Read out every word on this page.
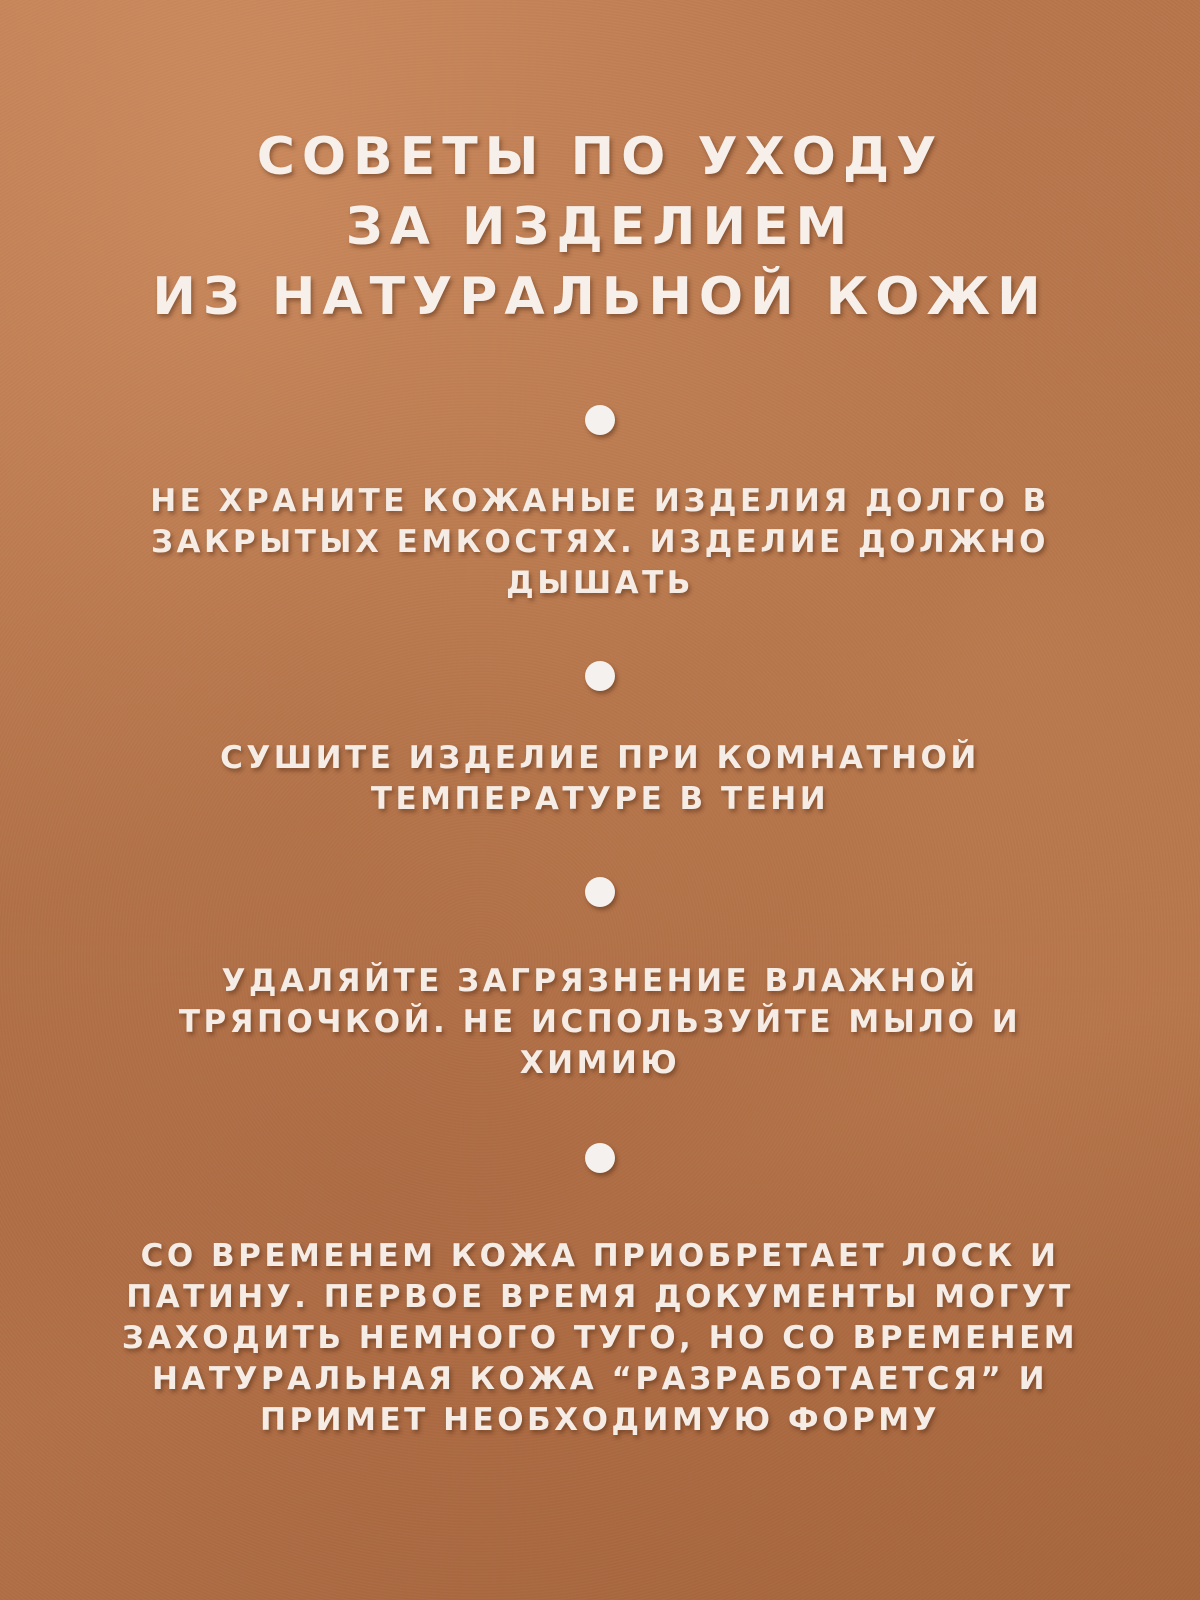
СОВЕТЫ ПО УХОДУ
ЗА ИЗДЕЛИЕМ
ИЗ НАТУРАЛЬНОЙ КОЖИ
НЕ ХРАНИТЕ КОЖАНЫЕ ИЗДЕЛИЯ ДОЛГО В
ЗАКРЫТЫХ ЕМКОСТЯХ. ИЗДЕЛИЕ ДОЛЖНО
ДЫШАТЬ
СУШИТЕ ИЗДЕЛИЕ ПРИ КОМНАТНОЙ
ТЕМПЕРАТУРЕ В ТЕНИ
УДАЛЯЙТЕ ЗАГРЯЗНЕНИЕ ВЛАЖНОЙ
ТРЯПОЧКОЙ. НЕ ИСПОЛЬЗУЙТЕ МЫЛО И
ХИМИЮ
СО ВРЕМЕНЕМ КОЖА ПРИОБРЕТАЕТ ЛОСК И
ПАТИНУ. ПЕРВОЕ ВРЕМЯ ДОКУМЕНТЫ МОГУТ
ЗАХОДИТЬ НЕМНОГО ТУГО, НО СО ВРЕМЕНЕМ
НАТУРАЛЬНАЯ КОЖА “РАЗРАБОТАЕТСЯ” И
ПРИМЕТ НЕОБХОДИМУЮ ФОРМУ
